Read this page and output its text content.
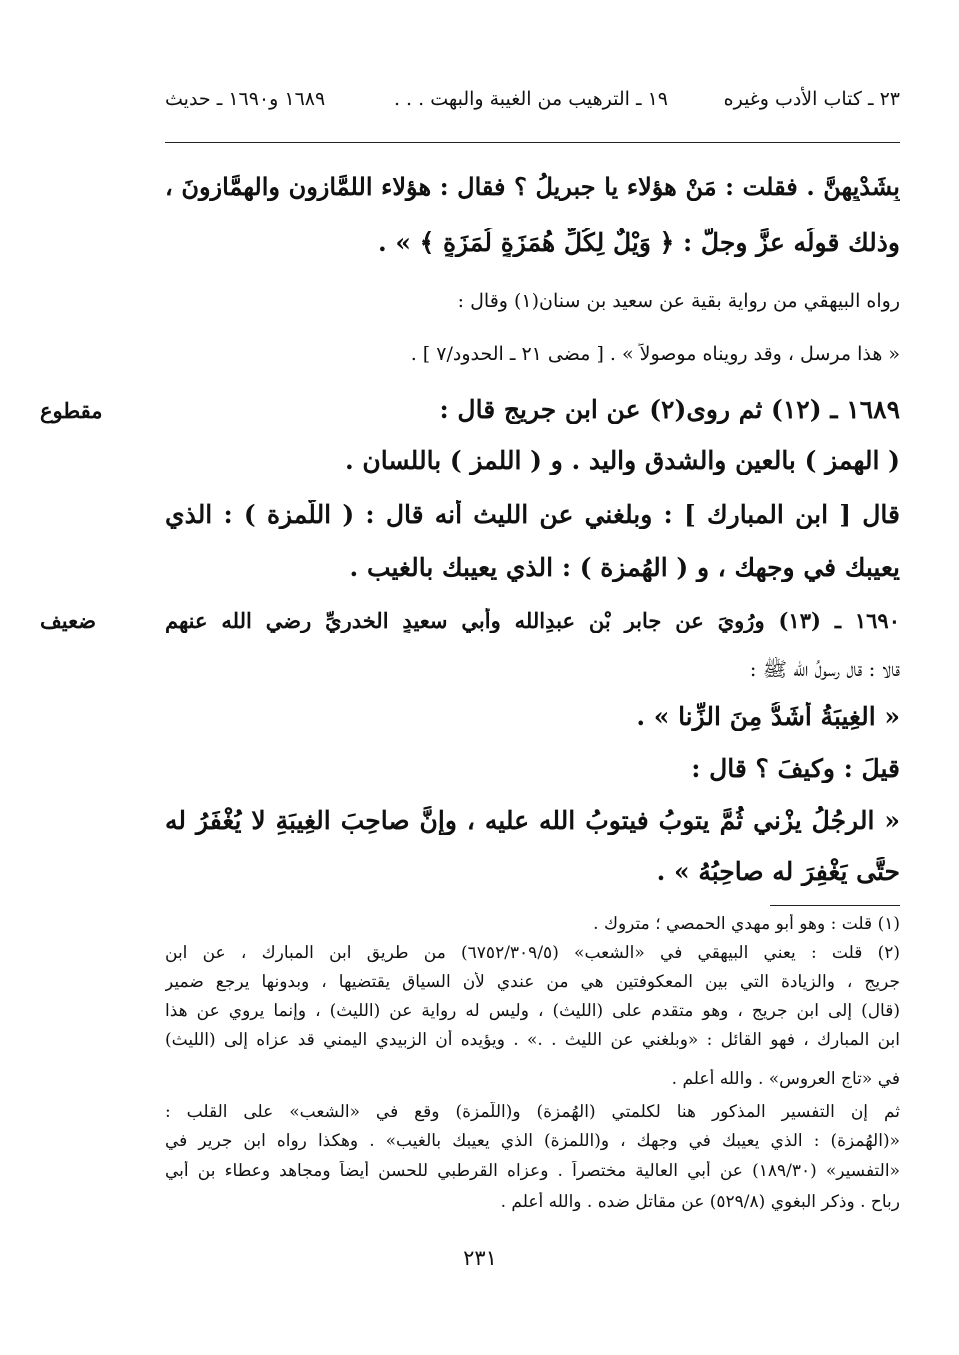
٢٣ ـ كتاب الأدب وغيره
١٩ ـ الترهيب من الغيبة والبهت . . .
١٦٨٩ و١٦٩٠ ـ حديث
بِشَدْيِهِنَّ . فقلت : مَنْ هؤلاء يا جبريلُ ؟ فقال : هؤلاء اللمَّازون والهمَّازونَ ،
وذلك قولُه عزَّ وجلَّ : ﴿ وَيْلٌ لِكُلِّ هُمَزَةٍ لُمَزَةٍ ﴾ » .
رواه البيهقي من رواية بقية عن سعيد بن سنان(١) وقال :
« هذا مرسل ، وقد رويناه موصولاً » . [ مضى ٢١ ـ الحدود/٧ ] .
١٦٨٩ ـ (١٢) ثم روى(٢) عن ابن جريج قال :
مقطوع
( الهمز ) بالعين والشدق واليد . و ( اللمز ) باللسان .
قال [ ابن المبارك ] : وبلغني عن الليث أنه قال : ( اللُّمزة ) : الذي
يعيبك في وجهك ، و ( الهُمزة ) : الذي يعيبك بالغيب .
١٦٩٠ ـ (١٣) ورُوِيَ عن جابرِ بْنِ عبدِالله وأبي سعيدٍ الخدريِّ رضي الله عنهم
ضعيف
قالا : قال رسولُ الله ﷺ :
« الغِيبَةُ أشَدُّ مِنَ الزِّنا » .
قيلَ : وكيفَ ؟ قال :
« الرجُلُ يزْني ثُمَّ يتوبُ فيتوبُ الله عليه ، وإنَّ صاحِبَ الغِيبَةِ لا يُغْفَرُ له
حتَّى يَغْفِرَ له صاحِبُهُ » .
(١) قلت : وهو أبو مهدي الحمصي ؛ متروك .
(٢) قلت : يعني البيهقي في «الشعب» (٦٧٥٢/٣٠٩/٥) من طريق ابن المبارك ، عن ابن
جريج ، والزيادة التي بين المعكوفتين هي من عندي لأن السياق يقتضيها ، وبدونها يرجع ضمير
(قال) إلى ابن جريج ، وهو متقدم على (الليث) ، وليس له رواية عن (الليث) ، وإنما يروي عن هذا
ابن المبارك ، فهو القائل : «وبلغني عن الليث . .» . ويؤيده أن الزبيدي اليمني قد عزاه إلى (الليث)
في «تاج العروس» . والله أعلم .
ثم إن التفسير المذكور هنا لكلمتي (الهُمزة) و(اللُّمزة) وقع في «الشعب» على القلب :
«(الهُمزة) : الذي يعيبك في وجهك ، و(اللمزة) الذي يعيبك بالغيب» . وهكذا رواه ابن جرير في
«التفسير» (١٨٩/٣٠) عن أبي العالية مختصراً . وعزاه القرطبي للحسن أيضاً ومجاهد وعطاء بن أبي
رباح . وذكر البغوي (٥٢٩/٨) عن مقاتل ضده . والله أعلم .
٢٣١
